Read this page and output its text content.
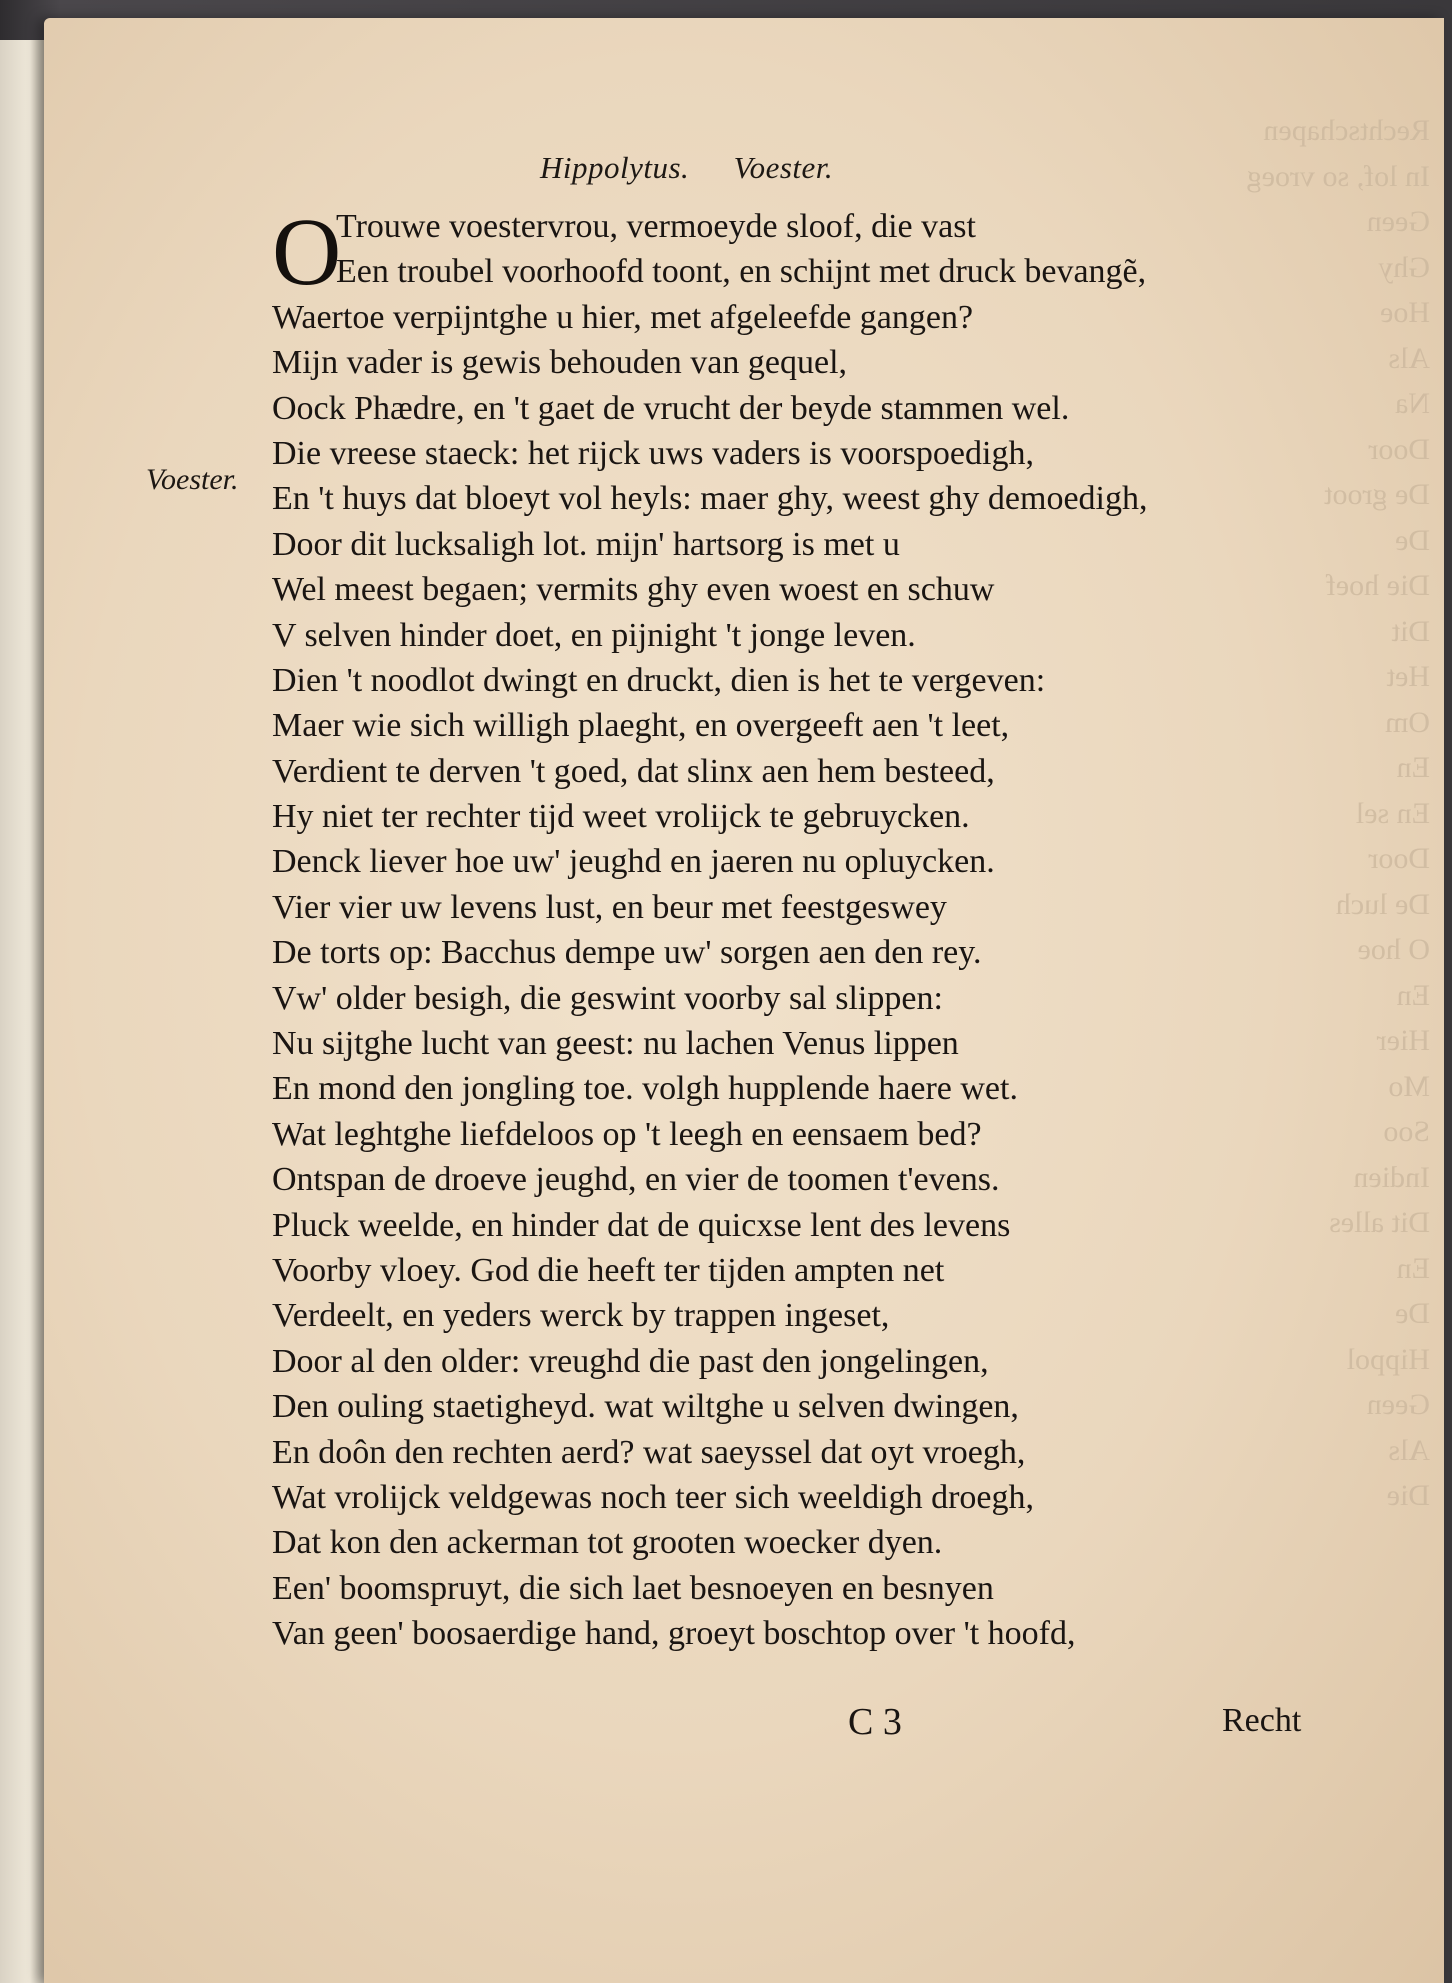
Rechtschapen
In lof, so vroeg
Geen
Ghy
Hoe
Als
Na
Door
De groot
De
Die hoef
Dit
Het
Om
En
En sel
Door
De luch
O hoe
En
Hier
Mo
Soo
Indien
Dit alles
En
De
Hippol
Geen
Als
Die
Hippolytus. Voester.
O
Voester.
Trouwe voestervrou, vermoeyde sloof, die vast
Een troubel voorhoofd toont, en schijnt met druck bevangẽ,
Waertoe verpijntghe u hier, met afgeleefde gangen?
Mijn vader is gewis behouden van gequel,
Oock Phædre, en 't gaet de vrucht der beyde stammen wel.
Die vreese staeck: het rijck uws vaders is voorspoedigh,
En 't huys dat bloeyt vol heyls: maer ghy, weest ghy demoedigh,
Door dit lucksaligh lot. mijn' hartsorg is met u
Wel meest begaen; vermits ghy even woest en schuw
V selven hinder doet, en pijnight 't jonge leven.
Dien 't noodlot dwingt en druckt, dien is het te vergeven:
Maer wie sich willigh plaeght, en overgeeft aen 't leet,
Verdient te derven 't goed, dat slinx aen hem besteed,
Hy niet ter rechter tijd weet vrolijck te gebruycken.
Denck liever hoe uw' jeughd en jaeren nu opluycken.
Vier vier uw levens lust, en beur met feestgeswey
De torts op: Bacchus dempe uw' sorgen aen den rey.
Vw' older besigh, die geswint voorby sal slippen:
Nu sijtghe lucht van geest: nu lachen Venus lippen
En mond den jongling toe. volgh hupplende haere wet.
Wat leghtghe liefdeloos op 't leegh en eensaem bed?
Ontspan de droeve jeughd, en vier de toomen t'evens.
Pluck weelde, en hinder dat de quicxse lent des levens
Voorby vloey. God die heeft ter tijden ampten net
Verdeelt, en yeders werck by trappen ingeset,
Door al den older: vreughd die past den jongelingen,
Den ouling staetigheyd. wat wiltghe u selven dwingen,
En doôn den rechten aerd? wat saeyssel dat oyt vroegh,
Wat vrolijck veldgewas noch teer sich weeldigh droegh,
Dat kon den ackerman tot grooten woecker dyen.
Een' boomspruyt, die sich laet besnoeyen en besnyen
Van geen' boosaerdige hand, groeyt boschtop over 't hoofd,
C 3	Recht
